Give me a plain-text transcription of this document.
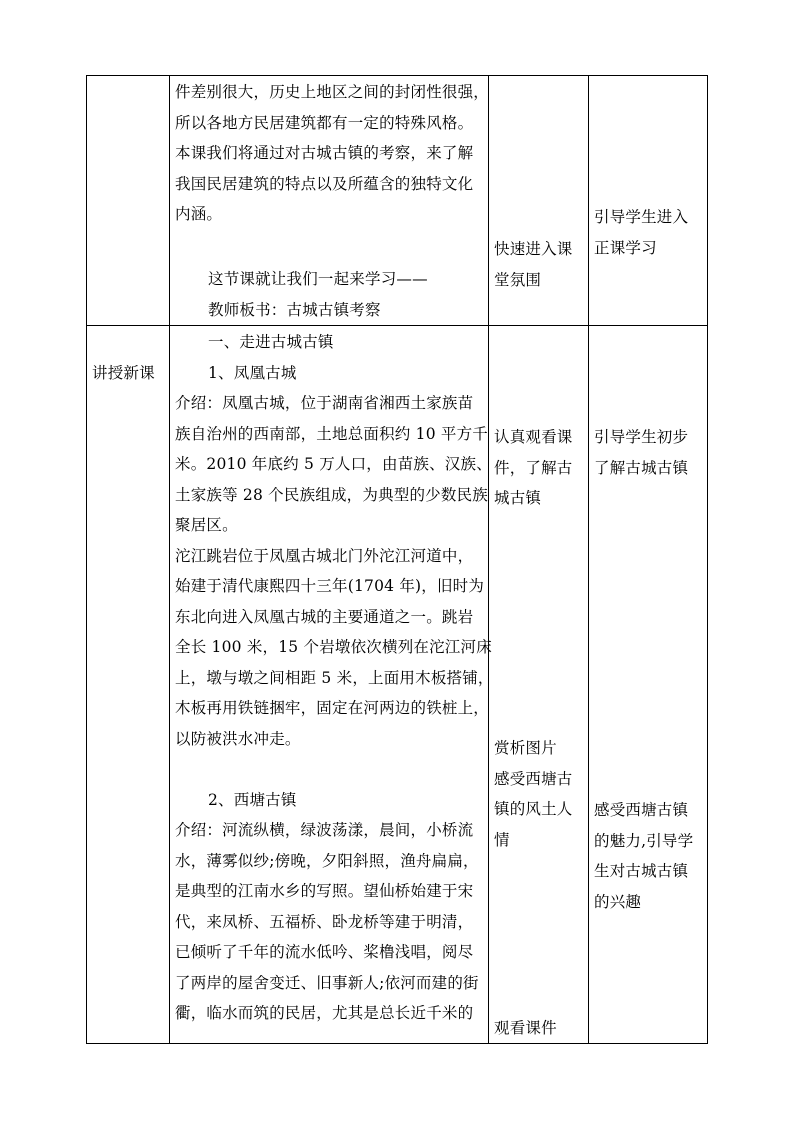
件差别很大，历史上地区之间的封闭性很强，
所以各地方民居建筑都有一定的特殊风格。
本课我们将通过对古城古镇的考察，来了解
我国民居建筑的特点以及所蕴含的独特文化
内涵。
这节课就让我们一起来学习——
教师板书：古城古镇考察
快速进入课
堂氛围
引导学生进入
正课学习
讲授新课
一、走进古城古镇
1、凤凰古城
介绍：凤凰古城，位于湖南省湘西土家族苗
族自治州的西南部，土地总面积约 10 平方千
米。2010 年底约 5 万人口，由苗族、汉族、
土家族等 28 个民族组成，为典型的少数民族
聚居区。
沱江跳岩位于凤凰古城北门外沱江河道中，
始建于清代康熙四十三年(1704 年)，旧时为
东北向进入凤凰古城的主要通道之一。跳岩
全长 100 米，15 个岩墩依次横列在沱江河床
上，墩与墩之间相距 5 米，上面用木板搭铺，
木板再用铁链捆牢，固定在河两边的铁桩上，
以防被洪水冲走。
2、西塘古镇
介绍：河流纵横，绿波荡漾，晨间，小桥流
水，薄雾似纱;傍晚，夕阳斜照，渔舟扁扁，
是典型的江南水乡的写照。望仙桥始建于宋
代，来凤桥、五福桥、卧龙桥等建于明清，
已倾听了千年的流水低吟、桨橹浅唱，阅尽
了两岸的屋舍变迁、旧事新人;依河而建的街
衢，临水而筑的民居，尤其是总长近千米的
认真观看课
件，了解古
城古镇
赏析图片
感受西塘古
镇的风土人
情
观看课件
引导学生初步
了解古城古镇
感受西塘古镇
的魅力,引导学
生对古城古镇
的兴趣
